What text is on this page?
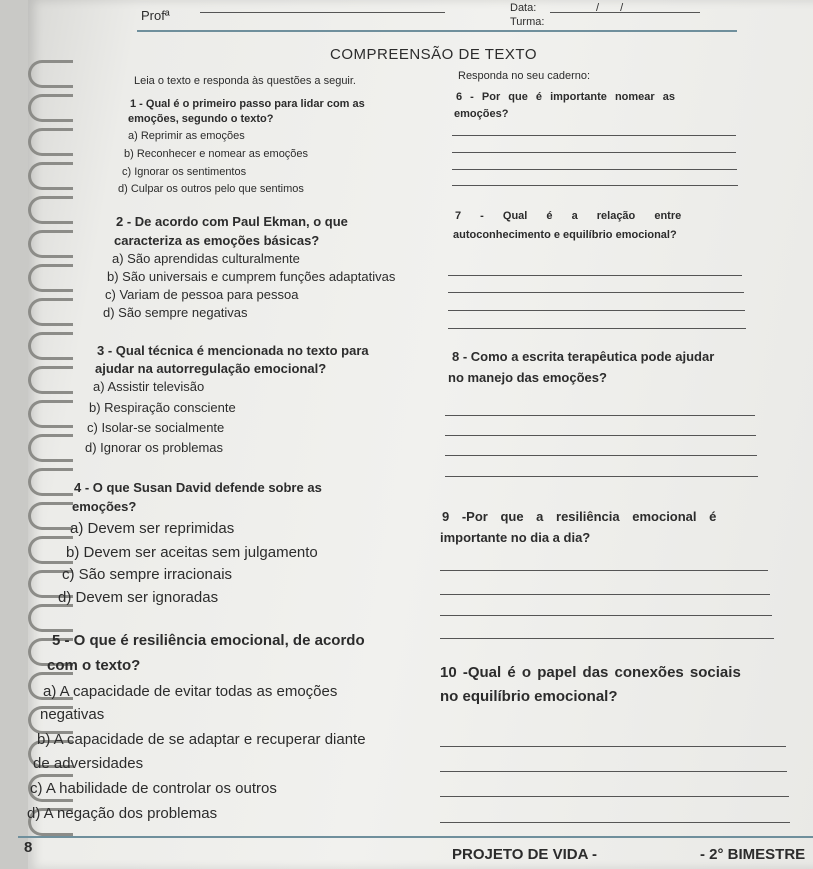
Profª	Data:	/ /
Turma:
COMPREENSÃO DE TEXTO
Leia o texto e responda às questões a seguir.	Responda no seu caderno:
1 - Qual é o primeiro passo para lidar com as
emoções, segundo o texto?
a) Reprimir as emoções
b) Reconhecer e nomear as emoções
c) Ignorar os sentimentos
d) Culpar os outros pelo que sentimos
6 - Por que é importante nomear as
emoções?
2 - De acordo com Paul Ekman, o que
caracteriza as emoções básicas?
a) São aprendidas culturalmente
b) São universais e cumprem funções adaptativas
c) Variam de pessoa para pessoa
d) São sempre negativas
7 - Qual é a relação entre
autoconhecimento e equilíbrio emocional?
3 - Qual técnica é mencionada no texto para
ajudar na autorregulação emocional?
a) Assistir televisão
b) Respiração consciente
c) Isolar-se socialmente
d) Ignorar os problemas
8 - Como a escrita terapêutica pode ajudar
no manejo das emoções?
4 - O que Susan David defende sobre as
emoções?
a) Devem ser reprimidas
b) Devem ser aceitas sem julgamento
c) São sempre irracionais
d) Devem ser ignoradas
9 -Por que a resiliência emocional é
importante no dia a dia?
5 - O que é resiliência emocional, de acordo
com o texto?
a) A capacidade de evitar todas as emoções
negativas
b) A capacidade de se adaptar e recuperar diante
de adversidades
c) A habilidade de controlar os outros
d) A negação dos problemas
10 -Qual é o papel das conexões sociais
no equilíbrio emocional?
8	PROJETO DE VIDA -	- 2° BIMESTRE
